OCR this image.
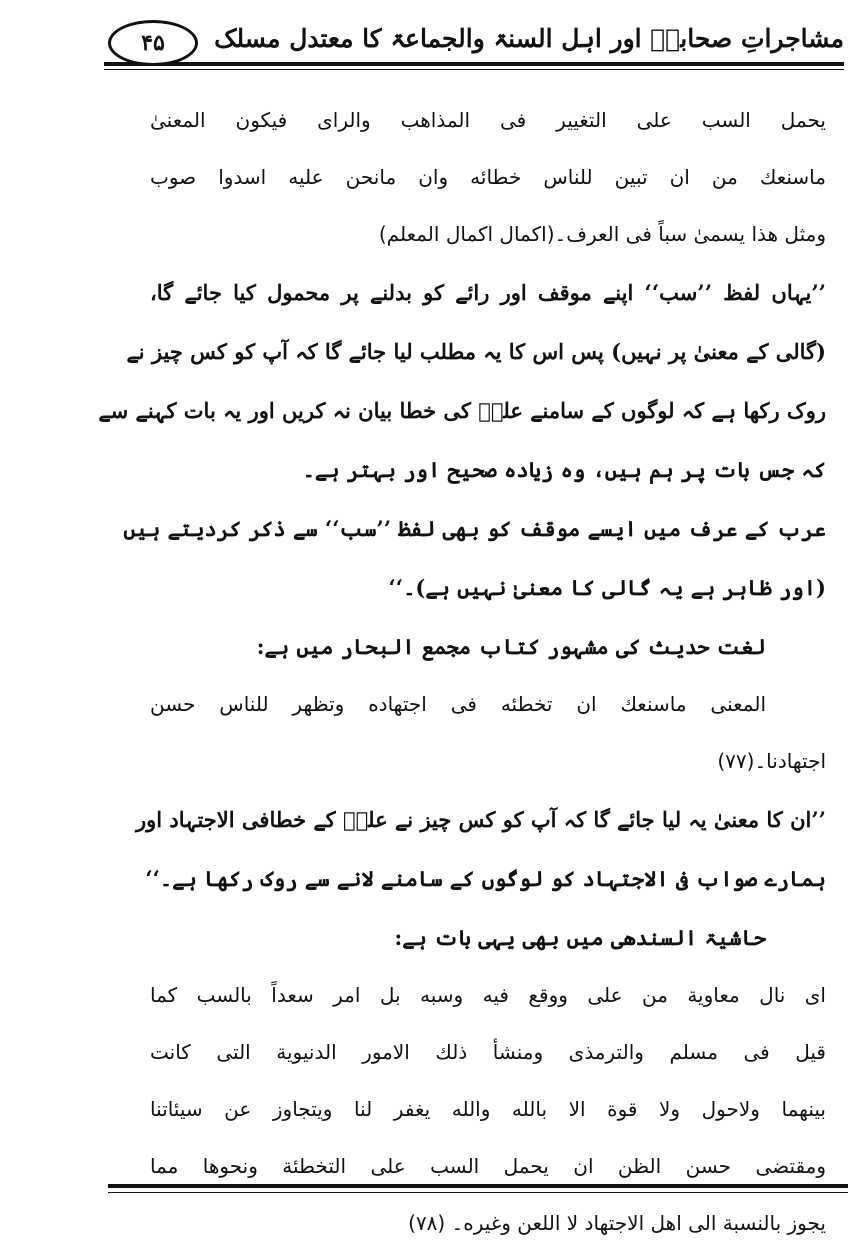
مشاجراتِ صحابہؓ اور اہل السنۃ والجماعۃ کا معتدل مسلک
۴۵

یحمل السب علی التغییر فی المذاھب والرای فیکون المعنیٰ

ماسنعك من ان تبین للناس خطائه وان مانحن علیه اسدوا صوب

ومثل هذا یسمیٰ سباً فی العرف۔(اکمال اکمال المعلم)

’’یہاں لفظ ’’سب‘‘ اپنے موقف اور رائے کو بدلنے پر محمول کیا جائے گا،

(گالی کے معنیٰ پر نہیں) پس اس کا یہ مطلب لیا جائے گا کہ آپ کو کس چیز نے

روک رکھا ہے کہ لوگوں کے سامنے علیؓ کی خطا بیان نہ کریں اور یہ بات کہنے سے

کہ جس بات پر ہم ہیں، وہ زیادہ صحیح اور بہتر ہے۔

عرب کے عرف میں ایسے موقف کو بھی لفظ ’’سب‘‘ سے ذکر کردیتے ہیں

(اور ظاہر ہے یہ گالی کا معنیٰ نہیں ہے)۔‘‘

لغت حدیث کی مشہور کتاب مجمع البحار میں ہے:

المعنی ماسنعك ان تخطئه فی اجتهاده وتظهر للناس حسن

اجتهادنا۔(۷۷)

’’ان کا معنیٰ یہ لیا جائے گا کہ آپ کو کس چیز نے علیؓ کے خطافی الاجتہاد اور

ہمارے صواب فی الاجتہاد کو لوگوں کے سامنے لانے سے روک رکھا ہے۔‘‘

حاشیۃ السندھی میں بھی یہی بات ہے:

ای نال معاویة من علی ووقع فیه وسبه بل امر سعداً بالسب کما

قیل فی مسلم والترمذی ومنشأ ذلك الامور الدنیویة التی كانت

بینهما ولاحول ولا قوة الا بالله والله یغفر لنا ویتجاوز عن سیئاتنا

ومقتضی حسن الظن ان یحمل السب علی التخطئة ونحوها مما

یجوز بالنسبة الی اهل الاجتهاد لا اللعن وغیره۔ (۷۸)
